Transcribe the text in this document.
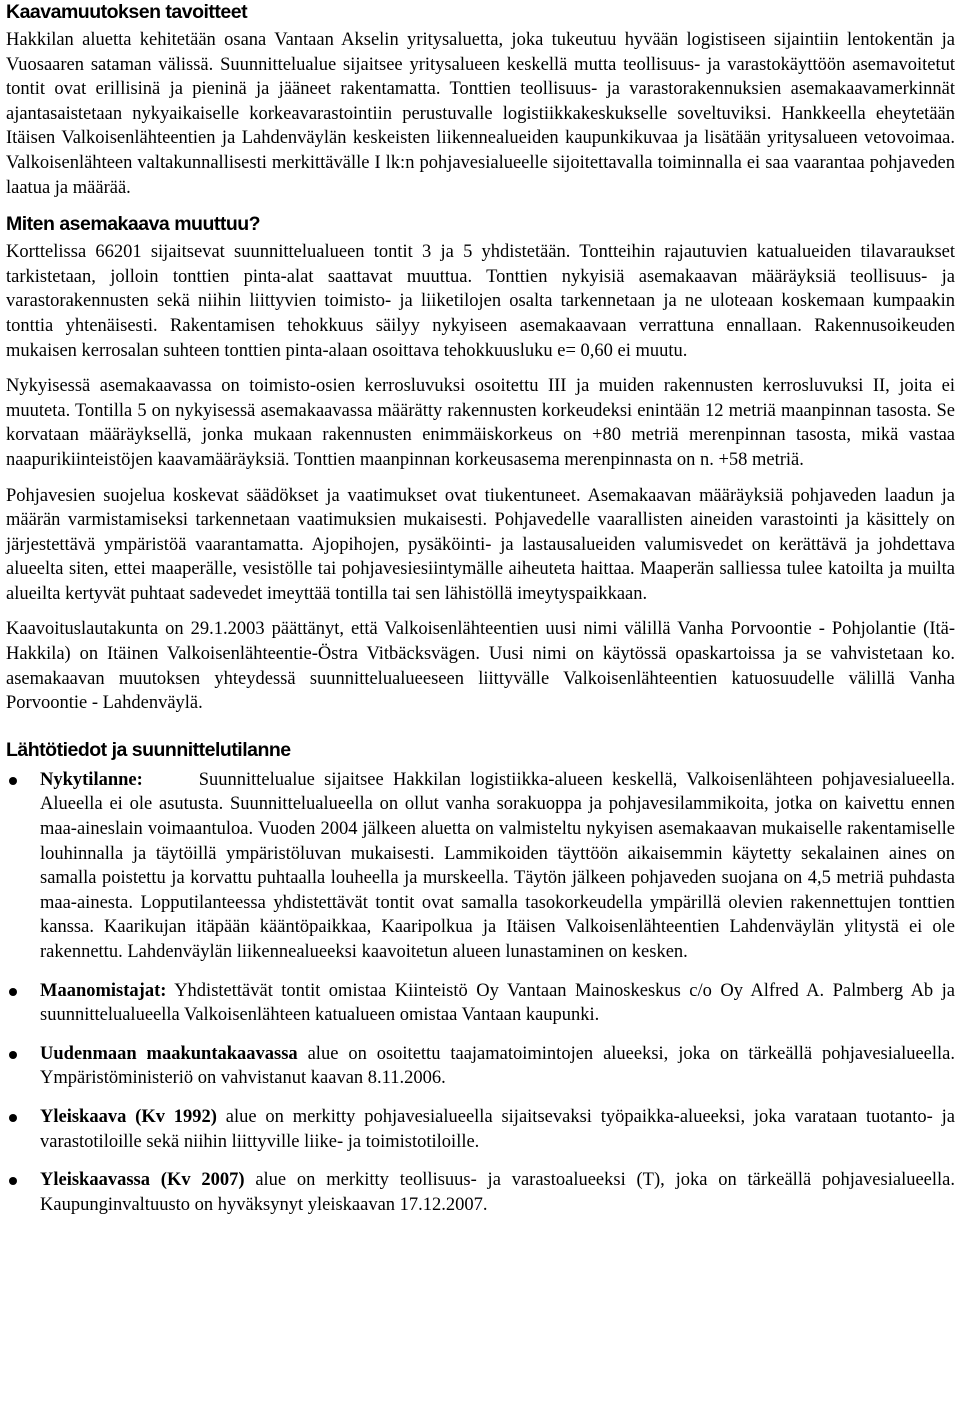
Kaavamuutoksen tavoitteet

Hakkilan aluetta kehitetään osana Vantaan Akselin yritysaluetta, joka tukeutuu hyvään logistiseen sijaintiin lentokentän ja Vuosaaren sataman välissä. Suunnittelualue sijaitsee yritysalueen keskellä mutta teollisuus- ja varastokäyttöön asemavoitetut tontit ovat erillisinä ja pieninä ja jääneet rakentamatta. Tonttien teollisuus- ja varastorakennuksien asemakaavamerkinnät ajantasaistetaan nykyaikaiselle korkeavarastointiin perustuvalle logistiikkakeskukselle soveltuviksi. Hankkeella eheytetään Itäisen Valkoisenlähteentien ja Lahdenväylän keskeisten liikennealueiden kaupunkikuvaa ja lisätään yritysalueen vetovoimaa. Valkoisenlähteen valtakunnallisesti merkittävälle I lk:n pohjavesialueelle sijoitettavalla toiminnalla ei saa vaarantaa pohjaveden laatua ja määrää.

Miten asemakaava muuttuu?

Korttelissa 66201 sijaitsevat suunnittelualueen tontit 3 ja 5 yhdistetään. Tontteihin rajautuvien katualueiden tilavaraukset tarkistetaan, jolloin tonttien pinta-alat saattavat muuttua. Tonttien nykyisiä asemakaavan määräyksiä teollisuus- ja varastorakennusten sekä niihin liittyvien toimisto- ja liiketilojen osalta tarkennetaan ja ne uloteaan koskemaan kumpaakin tonttia yhtenäisesti. Rakentamisen tehokkuus säilyy nykyiseen asemakaavaan verrattuna ennallaan. Rakennusoikeuden mukaisen kerrosalan suhteen tonttien pinta-alaan osoittava tehokkuusluku e= 0,60 ei muutu.

Nykyisessä asemakaavassa on toimisto-osien kerrosluvuksi osoitettu III ja muiden rakennusten kerrosluvuksi II, joita ei muuteta. Tontilla 5 on nykyisessä asemakaavassa määrätty rakennusten korkeudeksi enintään 12 metriä maanpinnan tasosta. Se korvataan määräyksellä, jonka mukaan rakennusten enimmäiskorkeus on +80 metriä merenpinnan tasosta, mikä vastaa naapurikiinteistöjen kaavamääräyksiä. Tonttien maanpinnan korkeusasema merenpinnasta on n. +58 metriä.

Pohjavesien suojelua koskevat säädökset ja vaatimukset ovat tiukentuneet. Asemakaavan määräyksiä pohjaveden laadun ja määrän varmistamiseksi tarkennetaan vaatimuksien mukaisesti. Pohjavedelle vaarallisten aineiden varastointi ja käsittely on järjestettävä ympäristöä vaarantamatta. Ajopihojen, pysäköinti- ja lastausalueiden valumisvedet on kerättävä ja johdettava alueelta siten, ettei maaperälle, vesistölle tai pohjavesiesiintymälle aiheuteta haittaa. Maaperän salliessa tulee katoilta ja muilta alueilta kertyvät puhtaat sadevedet imeyttää tontilla tai sen lähistöllä imeytyspaikkaan.

Kaavoituslautakunta on 29.1.2003 päättänyt, että Valkoisenlähteentien uusi nimi välillä Vanha Porvoontie - Pohjolantie (Itä-Hakkila) on Itäinen Valkoisenlähteentie-Östra Vitbäcksvägen. Uusi nimi on käytössä opaskartoissa ja se vahvistetaan ko. asemakaavan muutoksen yhteydessä suunnittelualueeseen liittyvälle Valkoisenlähteentien katuosuudelle välillä Vanha Porvoontie - Lahdenväylä.

Lähtötiedot ja suunnittelutilanne
Nykytilanne:	Suunnittelualue sijaitsee Hakkilan logistiikka-alueen keskellä, Valkoisenlähteen pohjavesialueella. Alueella ei ole asutusta. Suunnittelualueella on ollut vanha sorakuoppa ja pohjavesilammikoita, jotka on kaivettu ennen maa-aineslain voimaantuloa. Vuoden 2004 jälkeen aluetta on valmisteltu nykyisen asemakaavan mukaiselle rakentamiselle louhinnalla ja täytöillä ympäristöluvan mukaisesti. Lammikoiden täyttöön aikaisemmin käytetty sekalainen aines on samalla poistettu ja korvattu puhtaalla louheella ja murskeella. Täytön jälkeen pohjaveden suojana on 4,5 metriä puhdasta maa-ainesta. Lopputilanteessa yhdistettävät tontit ovat samalla tasokorkeudella ympärillä olevien rakennettujen tonttien kanssa. Kaarikujan itäpään kääntöpaikkaa, Kaaripolkua ja Itäisen Valkoisenlähteentien Lahdenväylän ylitystä ei ole rakennettu. Lahdenväylän liikennealueeksi kaavoitetun alueen lunastaminen on kesken.
Maanomistajat: Yhdistettävät tontit omistaa Kiinteistö Oy Vantaan Mainoskeskus c/o Oy Alfred A. Palmberg Ab ja suunnittelualueella Valkoisenlähteen katualueen omistaa Vantaan kaupunki.
Uudenmaan maakuntakaavassa alue on osoitettu taajamatoimintojen alueeksi, joka on tärkeällä pohjavesialueella. Ympäristöministeriö on vahvistanut kaavan 8.11.2006.
Yleiskaava (Kv 1992) alue on merkitty pohjavesialueella sijaitsevaksi työpaikka-alueeksi, joka varataan tuotanto- ja varastotiloille sekä niihin liittyville liike- ja toimistotiloille.
Yleiskaavassa (Kv 2007) alue on merkitty teollisuus- ja varastoalueeksi (T), joka on tärkeällä pohjavesialueella. Kaupunginvaltuusto on hyväksynyt yleiskaavan 17.12.2007.
